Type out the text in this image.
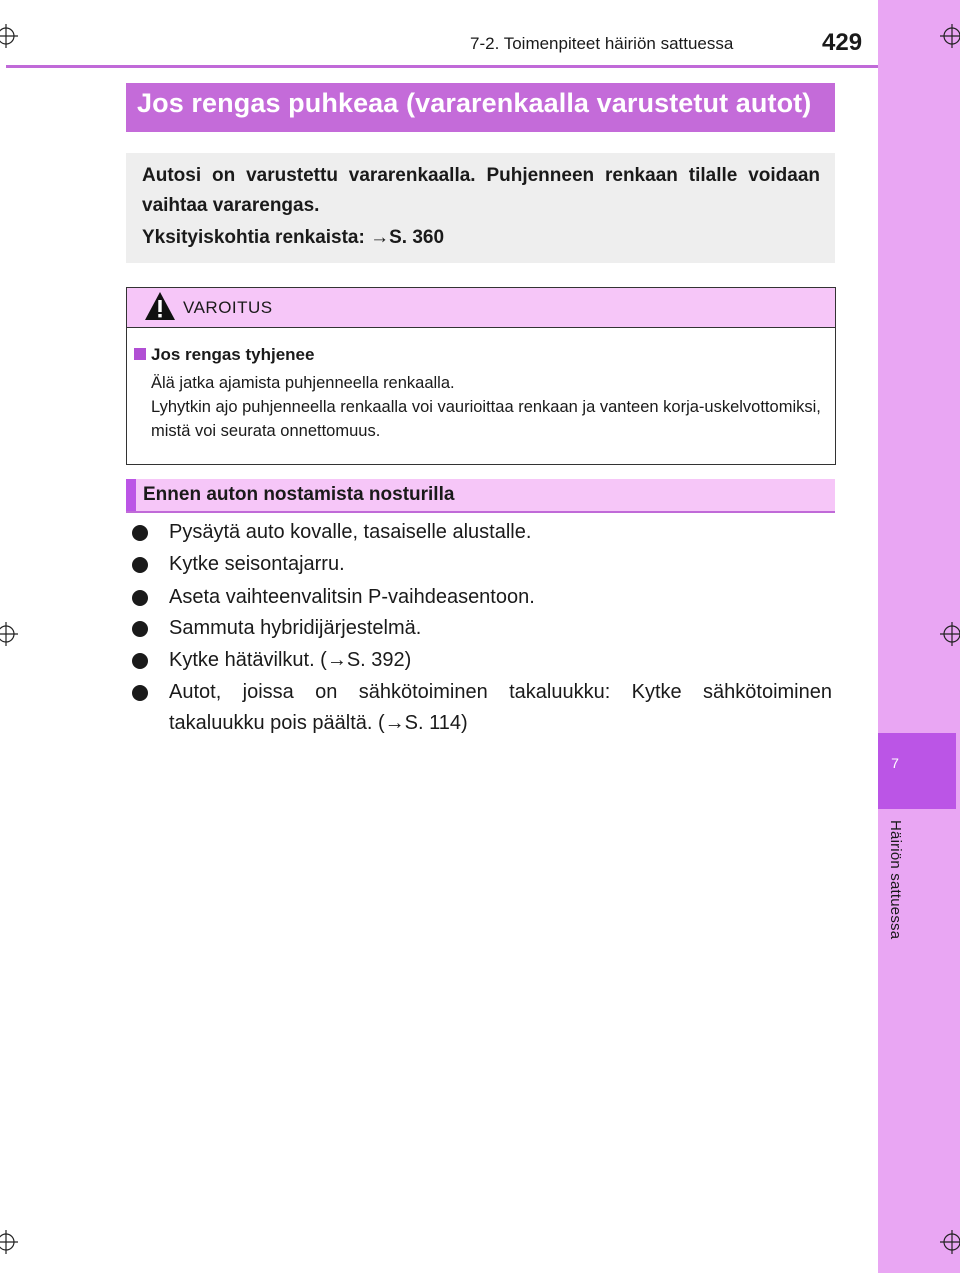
7
Häiriön sattuessa
7-2. Toimenpiteet häiriön sattuessa	429
Jos rengas puhkeaa (vararenkaalla varustetut autot)
Autosi on varustettu vararenkaalla. Puhjenneen renkaan tilalle voidaan vaihtaa vararengas.
Yksityiskohtia renkaista: →S. 360
VAROITUS
Jos rengas tyhjenee
Älä jatka ajamista puhjenneella renkaalla.
Lyhytkin ajo puhjenneella renkaalla voi vaurioittaa renkaan ja vanteen korja-uskelvottomiksi, mistä voi seurata onnettomuus.
Ennen auton nostamista nosturilla
Pysäytä auto kovalle, tasaiselle alustalle.
Kytke seisontajarru.
Aseta vaihteenvalitsin P-vaihdeasentoon.
Sammuta hybridijärjestelmä.
Kytke hätävilkut. (→S. 392)
Autot, joissa on sähkötoiminen takaluukku: Kytke sähkötoiminen takaluukku pois päältä. (→S. 114)
